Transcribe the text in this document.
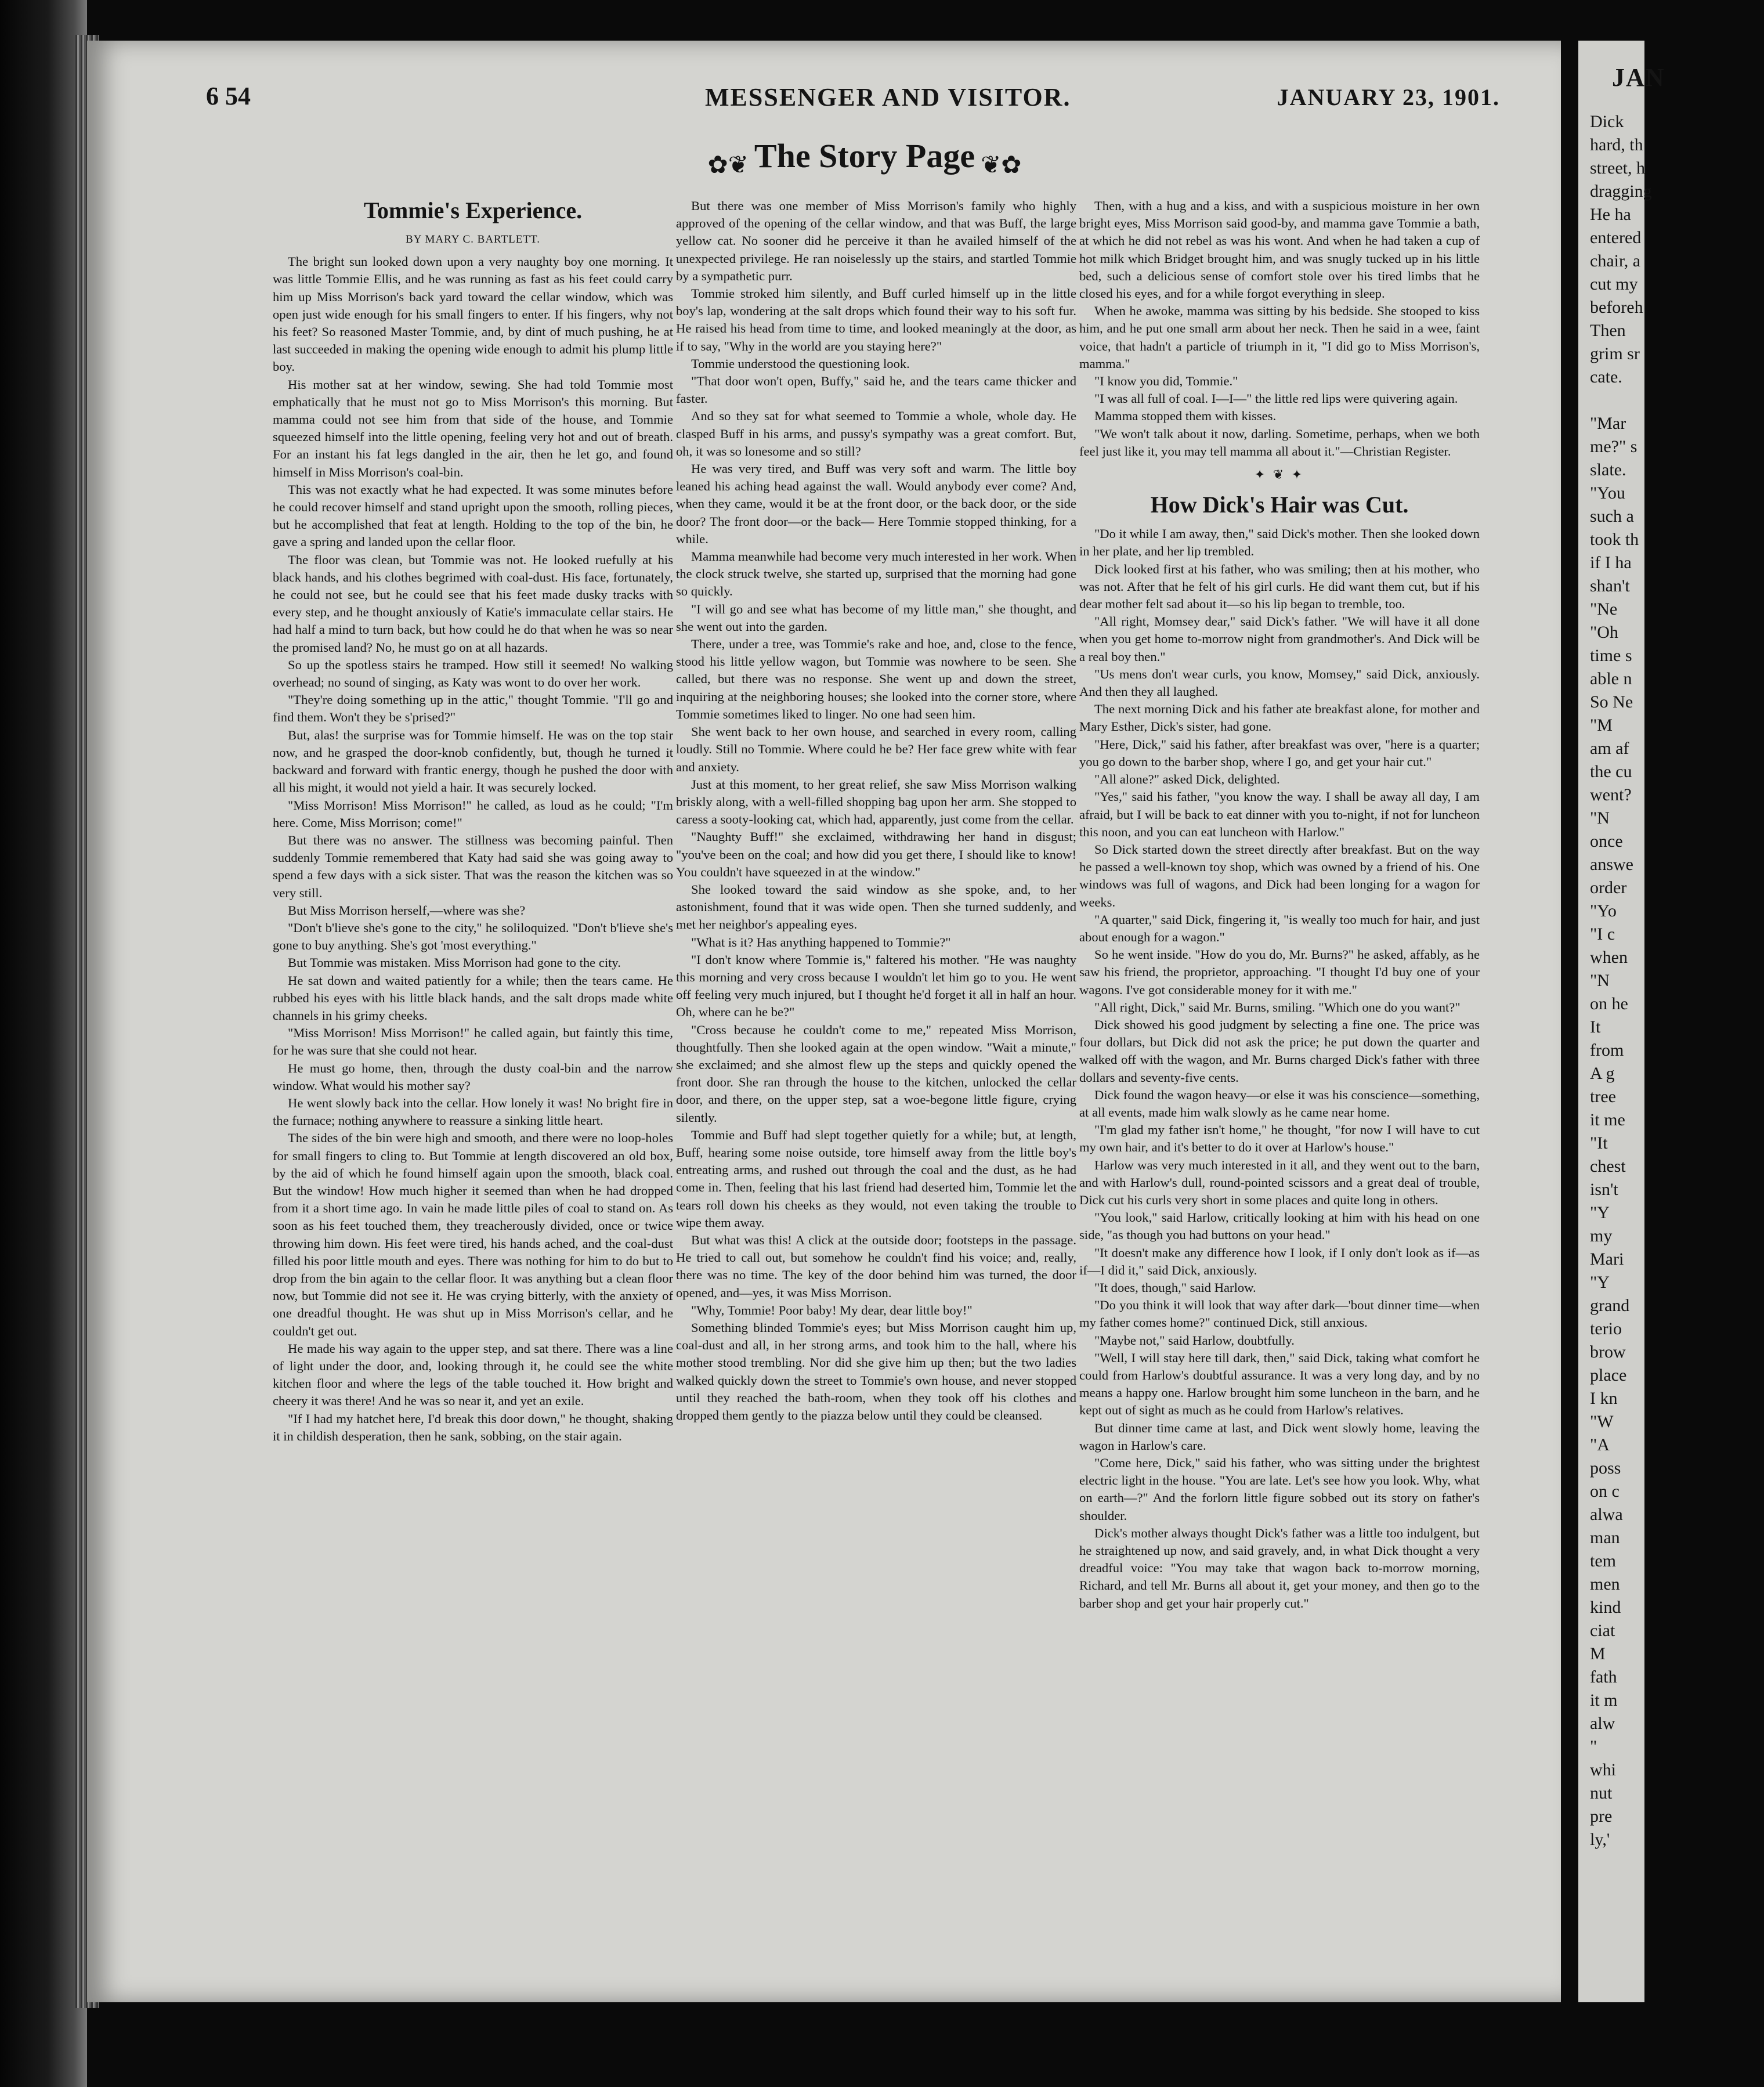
JAN
Dick
hard, th
street, h
dragging
He ha
entered
chair, a
cut my
beforeh
Then
grim sr
cate.
"Mar
me?" s
slate.
"You
such a
took th
if I ha
shan't
"Ne
"Oh
time s
able n
So Ne
"M
am af
the cu
went?
"N
once
answe
order
"Yo
"I c
when
"N
on he
It
from
A g
tree
it me
"It
chest
isn't
"Y
my
Mari
"Y
grand
terio
brow
place
I kn
"W
"A
poss
on c
alwa
man
tem
men
kind
ciat
M
fath
it m
alw
"
whi
nut
pre
ly,'
6 54	MESSENGER AND VISITOR.	JANUARY 23, 1901.
✿❦ The Story Page ❦✿
Tommie's Experience.
BY MARY C. BARTLETT.

The bright sun looked down upon a very naughty boy one morning. It was little Tommie Ellis, and he was running as fast as his feet could carry him up Miss Morrison's back yard toward the cellar window, which was open just wide enough for his small fingers to enter. If his fingers, why not his feet? So reasoned Master Tommie, and, by dint of much pushing, he at last succeeded in making the opening wide enough to admit his plump little boy.

His mother sat at her window, sewing. She had told Tommie most emphatically that he must not go to Miss Morrison's this morning. But mamma could not see him from that side of the house, and Tommie squeezed himself into the little opening, feeling very hot and out of breath. For an instant his fat legs dangled in the air, then he let go, and found himself in Miss Morrison's coal-bin.

This was not exactly what he had expected. It was some minutes before he could recover himself and stand upright upon the smooth, rolling pieces, but he accomplished that feat at length. Holding to the top of the bin, he gave a spring and landed upon the cellar floor.

The floor was clean, but Tommie was not. He looked ruefully at his black hands, and his clothes begrimed with coal-dust. His face, fortunately, he could not see, but he could see that his feet made dusky tracks with every step, and he thought anxiously of Katie's immaculate cellar stairs. He had half a mind to turn back, but how could he do that when he was so near the promised land? No, he must go on at all hazards.

So up the spotless stairs he tramped. How still it seemed! No walking overhead; no sound of singing, as Katy was wont to do over her work.

"They're doing something up in the attic," thought Tommie. "I'll go and find them. Won't they be s'prised?"

But, alas! the surprise was for Tommie himself. He was on the top stair now, and he grasped the door-knob confidently, but, though he turned it backward and forward with frantic energy, though he pushed the door with all his might, it would not yield a hair. It was securely locked.

"Miss Morrison! Miss Morrison!" he called, as loud as he could; "I'm here. Come, Miss Morrison; come!"

But there was no answer. The stillness was becoming painful. Then suddenly Tommie remembered that Katy had said she was going away to spend a few days with a sick sister. That was the reason the kitchen was so very still.

But Miss Morrison herself,—where was she?

"Don't b'lieve she's gone to the city," he soliloquized. "Don't b'lieve she's gone to buy anything. She's got 'most everything."

But Tommie was mistaken. Miss Morrison had gone to the city.

He sat down and waited patiently for a while; then the tears came. He rubbed his eyes with his little black hands, and the salt drops made white channels in his grimy cheeks.

"Miss Morrison! Miss Morrison!" he called again, but faintly this time, for he was sure that she could not hear.

He must go home, then, through the dusty coal-bin and the narrow window. What would his mother say?

He went slowly back into the cellar. How lonely it was! No bright fire in the furnace; nothing anywhere to reassure a sinking little heart.

The sides of the bin were high and smooth, and there were no loop-holes for small fingers to cling to. But Tommie at length discovered an old box, by the aid of which he found himself again upon the smooth, black coal. But the window! How much higher it seemed than when he had dropped from it a short time ago. In vain he made little piles of coal to stand on. As soon as his feet touched them, they treacherously divided, once or twice throwing him down. His feet were tired, his hands ached, and the coal-dust filled his poor little mouth and eyes. There was nothing for him to do but to drop from the bin again to the cellar floor. It was anything but a clean floor now, but Tommie did not see it. He was crying bitterly, with the anxiety of one dreadful thought. He was shut up in Miss Morrison's cellar, and he couldn't get out.

He made his way again to the upper step, and sat there. There was a line of light under the door, and, looking through it, he could see the white kitchen floor and where the legs of the table touched it. How bright and cheery it was there! And he was so near it, and yet an exile.

"If I had my hatchet here, I'd break this door down," he thought, shaking it in childish desperation, then he sank, sobbing, on the stair again.

But there was one member of Miss Morrison's family who highly approved of the opening of the cellar window, and that was Buff, the large yellow cat. No sooner did he perceive it than he availed himself of the unexpected privilege. He ran noiselessly up the stairs, and startled Tommie by a sympathetic purr.

Tommie stroked him silently, and Buff curled himself up in the little boy's lap, wondering at the salt drops which found their way to his soft fur. He raised his head from time to time, and looked meaningly at the door, as if to say, "Why in the world are you staying here?"

Tommie understood the questioning look.

"That door won't open, Buffy," said he, and the tears came thicker and faster.

And so they sat for what seemed to Tommie a whole, whole day. He clasped Buff in his arms, and pussy's sympathy was a great comfort. But, oh, it was so lonesome and so still?

He was very tired, and Buff was very soft and warm. The little boy leaned his aching head against the wall. Would anybody ever come? And, when they came, would it be at the front door, or the back door, or the side door? The front door—or the back— Here Tommie stopped thinking, for a while.

Mamma meanwhile had become very much interested in her work. When the clock struck twelve, she started up, surprised that the morning had gone so quickly.

"I will go and see what has become of my little man," she thought, and she went out into the garden.

There, under a tree, was Tommie's rake and hoe, and, close to the fence, stood his little yellow wagon, but Tommie was nowhere to be seen. She called, but there was no response. She went up and down the street, inquiring at the neighboring houses; she looked into the corner store, where Tommie sometimes liked to linger. No one had seen him.

She went back to her own house, and searched in every room, calling loudly. Still no Tommie. Where could he be? Her face grew white with fear and anxiety.

Just at this moment, to her great relief, she saw Miss Morrison walking briskly along, with a well-filled shopping bag upon her arm. She stopped to caress a sooty-looking cat, which had, apparently, just come from the cellar.

"Naughty Buff!" she exclaimed, withdrawing her hand in disgust; "you've been on the coal; and how did you get there, I should like to know! You couldn't have squeezed in at the window."

She looked toward the said window as she spoke, and, to her astonishment, found that it was wide open. Then she turned suddenly, and met her neighbor's appealing eyes.

"What is it? Has anything happened to Tommie?"

"I don't know where Tommie is," faltered his mother. "He was naughty this morning and very cross because I wouldn't let him go to you. He went off feeling very much injured, but I thought he'd forget it all in half an hour. Oh, where can he be?"

"Cross because he couldn't come to me," repeated Miss Morrison, thoughtfully. Then she looked again at the open window. "Wait a minute," she exclaimed; and she almost flew up the steps and quickly opened the front door. She ran through the house to the kitchen, unlocked the cellar door, and there, on the upper step, sat a woe-begone little figure, crying silently.

Tommie and Buff had slept together quietly for a while; but, at length, Buff, hearing some noise outside, tore himself away from the little boy's entreating arms, and rushed out through the coal and the dust, as he had come in. Then, feeling that his last friend had deserted him, Tommie let the tears roll down his cheeks as they would, not even taking the trouble to wipe them away.

But what was this! A click at the outside door; footsteps in the passage. He tried to call out, but somehow he couldn't find his voice; and, really, there was no time. The key of the door behind him was turned, the door opened, and—yes, it was Miss Morrison.

"Why, Tommie! Poor baby! My dear, dear little boy!"

Something blinded Tommie's eyes; but Miss Morrison caught him up, coal-dust and all, in her strong arms, and took him to the hall, where his mother stood trembling. Nor did she give him up then; but the two ladies walked quickly down the street to Tommie's own house, and never stopped until they reached the bath-room, when they took off his clothes and dropped them gently to the piazza below until they could be cleansed.

Then, with a hug and a kiss, and with a suspicious moisture in her own bright eyes, Miss Morrison said good-by, and mamma gave Tommie a bath, at which he did not rebel as was his wont. And when he had taken a cup of hot milk which Bridget brought him, and was snugly tucked up in his little bed, such a delicious sense of comfort stole over his tired limbs that he closed his eyes, and for a while forgot everything in sleep.

When he awoke, mamma was sitting by his bedside. She stooped to kiss him, and he put one small arm about her neck. Then he said in a wee, faint voice, that hadn't a particle of triumph in it, "I did go to Miss Morrison's, mamma."

"I know you did, Tommie."

"I was all full of coal. I—I—" the little red lips were quivering again.

Mamma stopped them with kisses.

"We won't talk about it now, darling. Sometime, perhaps, when we both feel just like it, you may tell mamma all about it."—Christian Register.

✦ ❦ ✦
How Dick's Hair was Cut.

"Do it while I am away, then," said Dick's mother. Then she looked down in her plate, and her lip trembled.

Dick looked first at his father, who was smiling; then at his mother, who was not. After that he felt of his girl curls. He did want them cut, but if his dear mother felt sad about it—so his lip began to tremble, too.

"All right, Momsey dear," said Dick's father. "We will have it all done when you get home to-morrow night from grandmother's. And Dick will be a real boy then."

"Us mens don't wear curls, you know, Momsey," said Dick, anxiously. And then they all laughed.

The next morning Dick and his father ate breakfast alone, for mother and Mary Esther, Dick's sister, had gone.

"Here, Dick," said his father, after breakfast was over, "here is a quarter; you go down to the barber shop, where I go, and get your hair cut."

"All alone?" asked Dick, delighted.

"Yes," said his father, "you know the way. I shall be away all day, I am afraid, but I will be back to eat dinner with you to-night, if not for luncheon this noon, and you can eat luncheon with Harlow."

So Dick started down the street directly after breakfast. But on the way he passed a well-known toy shop, which was owned by a friend of his. One windows was full of wagons, and Dick had been longing for a wagon for weeks.

"A quarter," said Dick, fingering it, "is weally too much for hair, and just about enough for a wagon."

So he went inside. "How do you do, Mr. Burns?" he asked, affably, as he saw his friend, the proprietor, approaching. "I thought I'd buy one of your wagons. I've got considerable money for it with me."

"All right, Dick," said Mr. Burns, smiling. "Which one do you want?"

Dick showed his good judgment by selecting a fine one. The price was four dollars, but Dick did not ask the price; he put down the quarter and walked off with the wagon, and Mr. Burns charged Dick's father with three dollars and seventy-five cents.

Dick found the wagon heavy—or else it was his conscience—something, at all events, made him walk slowly as he came near home.

"I'm glad my father isn't home," he thought, "for now I will have to cut my own hair, and it's better to do it over at Harlow's house."

Harlow was very much interested in it all, and they went out to the barn, and with Harlow's dull, round-pointed scissors and a great deal of trouble, Dick cut his curls very short in some places and quite long in others.

"You look," said Harlow, critically looking at him with his head on one side, "as though you had buttons on your head."

"It doesn't make any difference how I look, if I only don't look as if—as if—I did it," said Dick, anxiously.

"It does, though," said Harlow.

"Do you think it will look that way after dark—'bout dinner time—when my father comes home?" continued Dick, still anxious.

"Maybe not," said Harlow, doubtfully.

"Well, I will stay here till dark, then," said Dick, taking what comfort he could from Harlow's doubtful assurance. It was a very long day, and by no means a happy one. Harlow brought him some luncheon in the barn, and he kept out of sight as much as he could from Harlow's relatives.

But dinner time came at last, and Dick went slowly home, leaving the wagon in Harlow's care.

"Come here, Dick," said his father, who was sitting under the brightest electric light in the house. "You are late. Let's see how you look. Why, what on earth—?" And the forlorn little figure sobbed out its story on father's shoulder.

Dick's mother always thought Dick's father was a little too indulgent, but he straightened up now, and said gravely, and, in what Dick thought a very dreadful voice: "You may take that wagon back to-morrow morning, Richard, and tell Mr. Burns all about it, get your money, and then go to the barber shop and get your hair properly cut."
